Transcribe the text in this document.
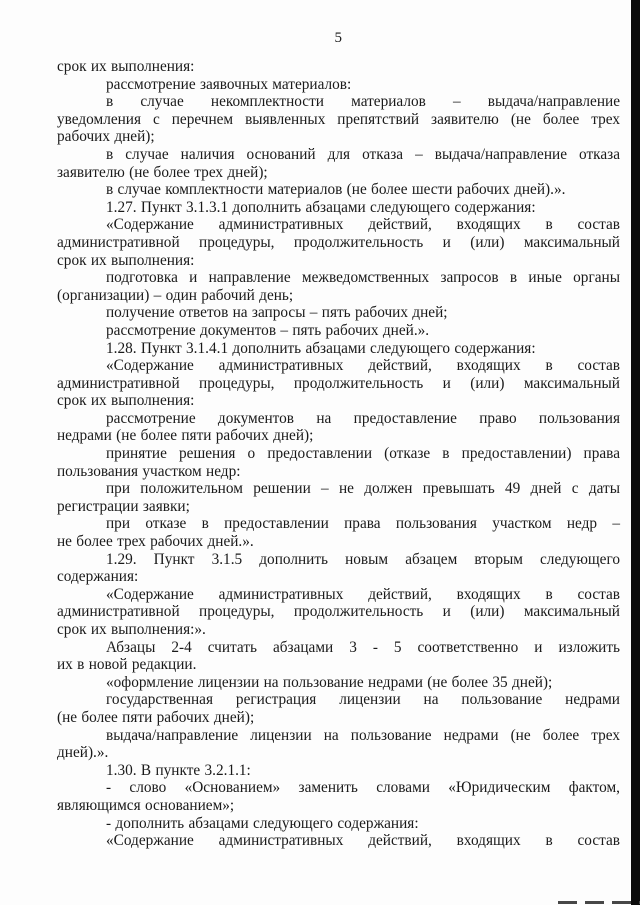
5
срок их выполнения:
рассмотрение заявочных материалов:
в случае некомплектности материалов – выдача/направление
уведомления с перечнем выявленных препятствий заявителю (не более трех
рабочих дней);
в случае наличия оснований для отказа – выдача/направление отказа
заявителю (не более трех дней);
в случае комплектности материалов (не более шести рабочих дней).».
1.27. Пункт 3.1.3.1 дополнить абзацами следующего содержания:
«Содержание административных действий, входящих в состав
административной процедуры, продолжительность и (или) максимальный
срок их выполнения:
подготовка и направление межведомственных запросов в иные органы
(организации) – один рабочий день;
получение ответов на запросы – пять рабочих дней;
рассмотрение документов – пять рабочих дней.».
1.28. Пункт 3.1.4.1 дополнить абзацами следующего содержания:
«Содержание административных действий, входящих в состав
административной процедуры, продолжительность и (или) максимальный
срок их выполнения:
рассмотрение документов на предоставление право пользования
недрами (не более пяти рабочих дней);
принятие решения о предоставлении (отказе в предоставлении) права
пользования участком недр:
при положительном решении – не должен превышать 49 дней с даты
регистрации заявки;
при отказе в предоставлении права пользования участком недр –
не более трех рабочих дней.».
1.29. Пункт 3.1.5 дополнить новым абзацем вторым следующего
содержания:
«Содержание административных действий, входящих в состав
административной процедуры, продолжительность и (или) максимальный
срок их выполнения:».
Абзацы 2-4 считать абзацами 3 - 5 соответственно и изложить
их в новой редакции.
«оформление лицензии на пользование недрами (не более 35 дней);
государственная регистрация лицензии на пользование недрами
(не более пяти рабочих дней);
выдача/направление лицензии на пользование недрами (не более трех
дней).».
1.30. В пункте 3.2.1.1:
- слово «Основанием» заменить словами «Юридическим фактом,
являющимся основанием»;
- дополнить абзацами следующего содержания:
«Содержание административных действий, входящих в состав
